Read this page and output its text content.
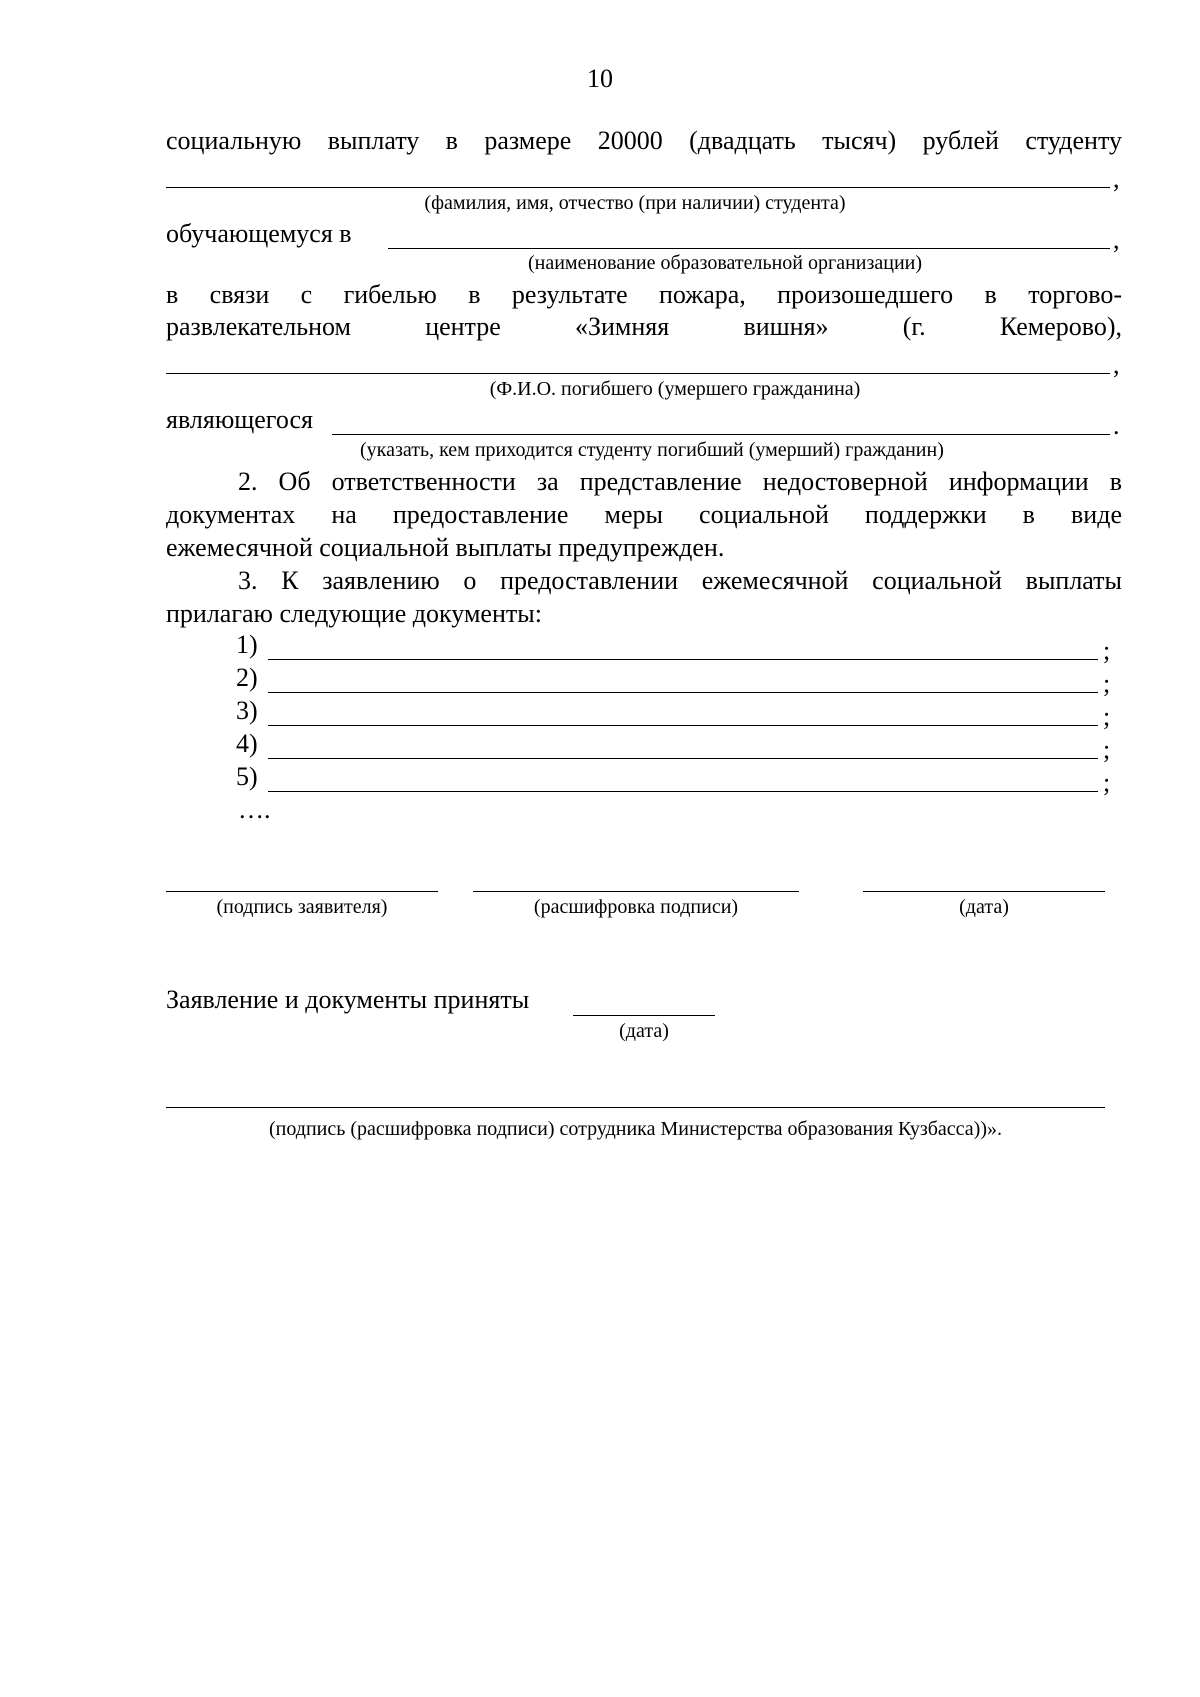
10
социальную выплату в размере 20000 (двадцать тысяч) рублей студенту
,
(фамилия, имя, отчество (при наличии) студента)
обучающемуся в	,
(наименование образовательной организации)
в связи с гибелью в результате пожара, произошедшего в торгово-
развлекательном центре «Зимняя вишня» (г. Кемерово),
,
(Ф.И.О. погибшего (умершего гражданина)
являющегося	.
(указать, кем приходится студенту погибший (умерший) гражданин)
2. Об ответственности за представление недостоверной информации в
документах на предоставление меры социальной поддержки в виде
ежемесячной социальной выплаты предупрежден.
3. К заявлению о предоставлении ежемесячной социальной выплаты
прилагаю следующие документы:
1)	;
2)	;
3)	;
4)	;
5)	;
….
(подпись заявителя)	(расшифровка подписи)	(дата)
Заявление и документы приняты
(дата)
(подпись (расшифровка подписи) сотрудника Министерства образования Кузбасса))».
